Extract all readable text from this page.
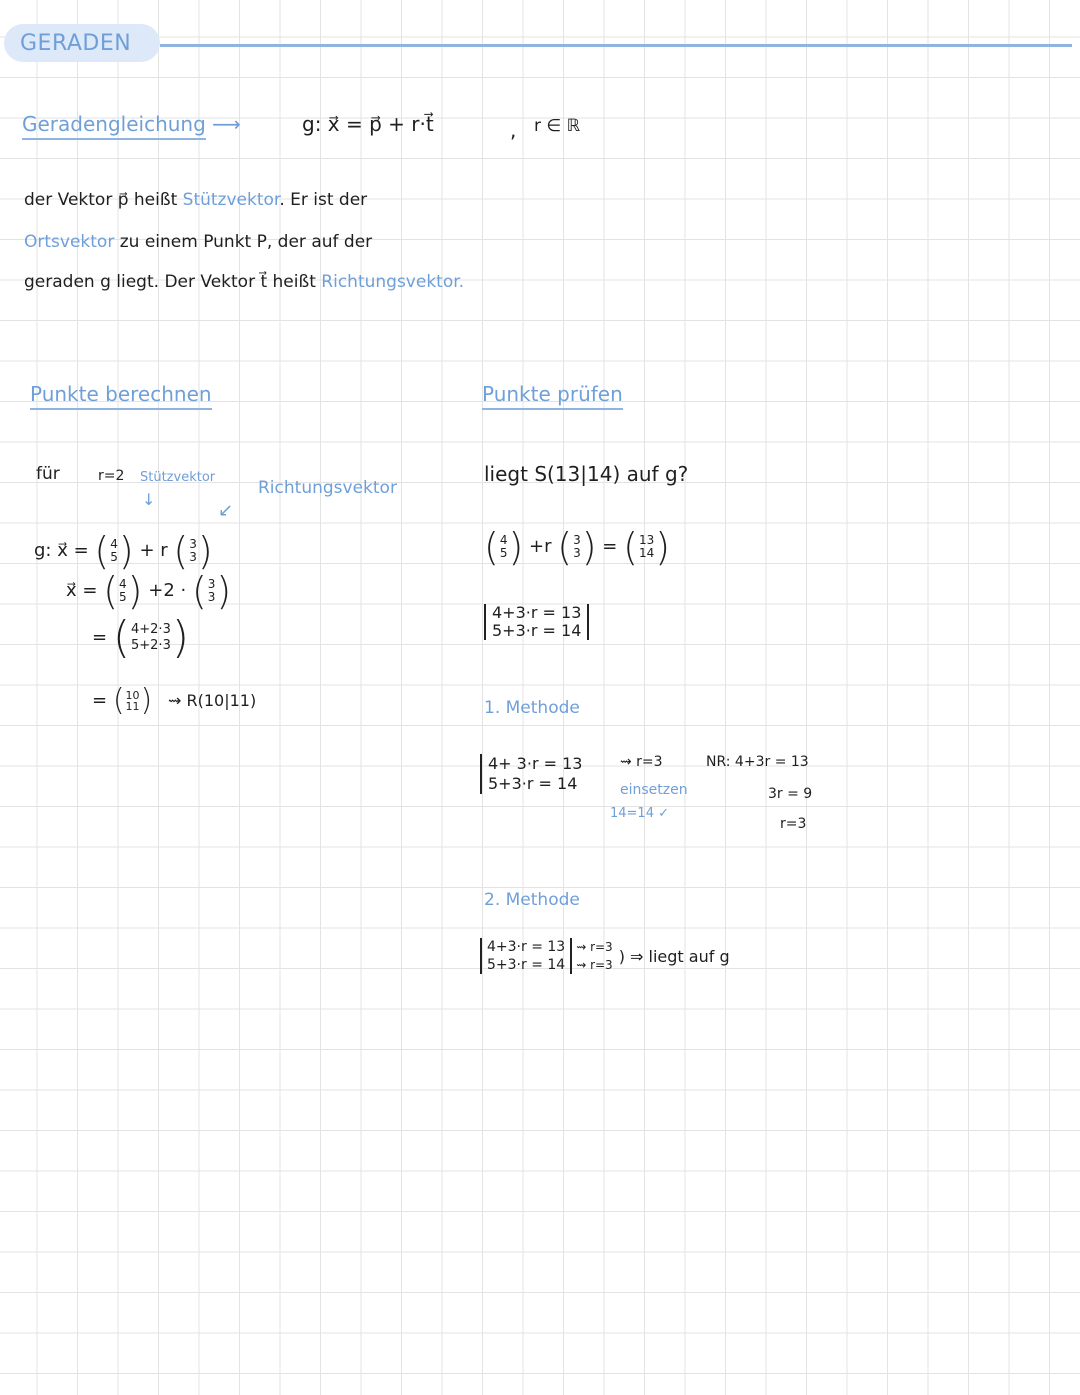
GERADEN
Geradengleichung ⟶	g: x⃗ = p⃗ + r·t⃗	, r ∈ ℝ
der Vektor p⃗ heißt Stützvektor. Er ist der
Ortsvektor zu einem Punkt P, der auf der
geraden g liegt. Der Vektor t⃗ heißt Richtungsvektor.
Punkte berechnen
für	r=2 Stützvektor
↓
Richtungsvektor
↙
g: x⃗ = ( 4
5 ) + r ( 3
3 )
x⃗ = ( 4
5 ) +2 · ( 3
3 )
= ( 4+2·3
5+2·3 )
= ( 10
11 ) ⇝ R(10|11)
Punkte prüfen
liegt S(13|14) auf g?
( 4
5 ) +r ( 3
3 ) = ( 13
14 )
4+3·r = 13
5+3·r = 14
1. Methode
4+ 3·r = 13
5+3·r = 14
⇝ r=3
einsetzen
14=14 ✓
NR: 4+3r = 13
3r = 9
r=3
2. Methode
4+3·r = 13
5+3·r = 14
⇝ r=3
⇝ r=3 ) ⇒ liegt auf g
